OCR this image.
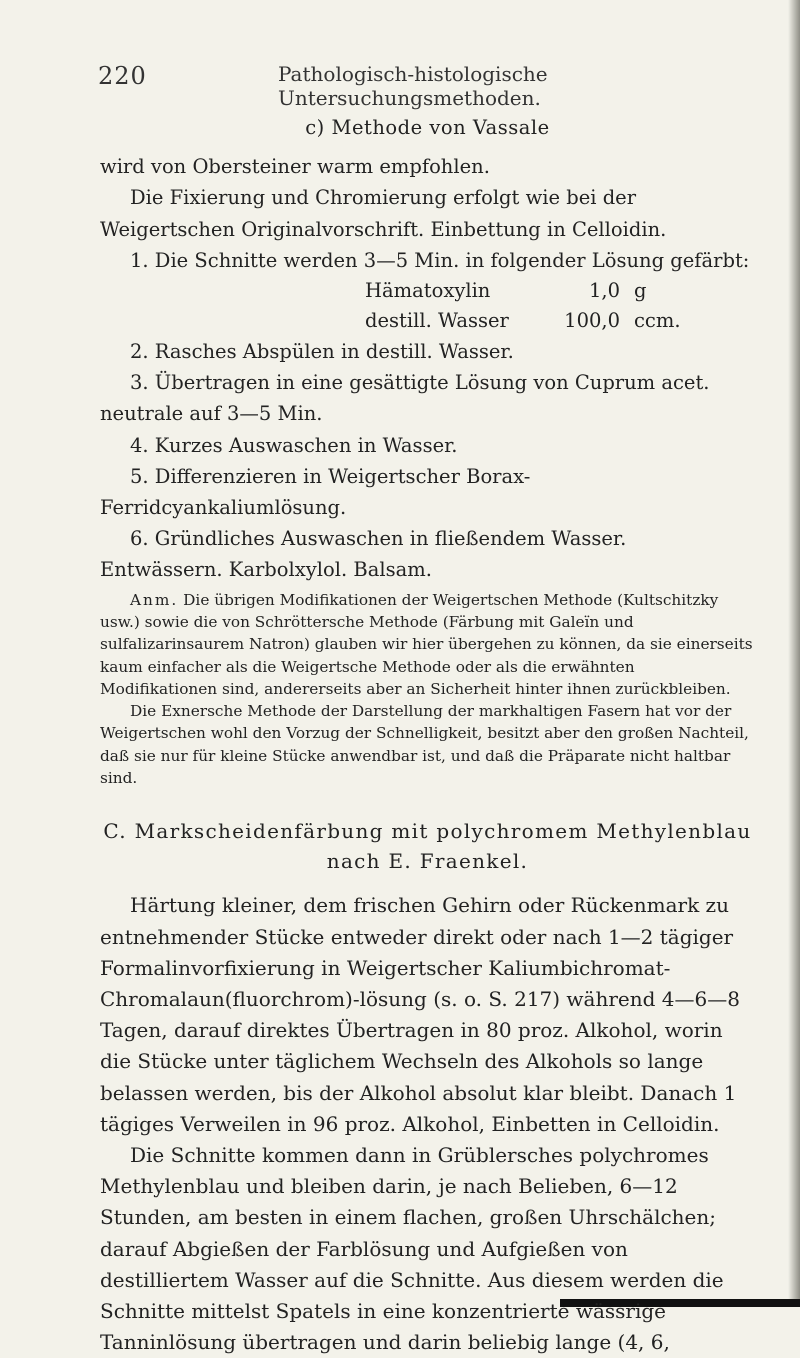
220	Pathologisch-histologische Untersuchungsmethoden.

c) Methode von Vassale

wird von Obersteiner warm empfohlen.

Die Fixierung und Chromierung erfolgt wie bei der Weigertschen Originalvorschrift. Einbettung in Celloidin.

1. Die Schnitte werden 3—5 Min. in folgender Lösung gefärbt:

Hämatoxylin	1,0 g
destill. Wasser	100,0 ccm.

2. Rasches Abspülen in destill. Wasser.

3. Übertragen in eine gesättigte Lösung von Cuprum acet. neutrale auf 3—5 Min.

4. Kurzes Auswaschen in Wasser.

5. Differenzieren in Weigertscher Borax-Ferridcyankaliumlösung.

6. Gründliches Auswaschen in fließendem Wasser. Entwässern. Karbolxylol. Balsam.

Anm. Die übrigen Modifikationen der Weigertschen Methode (Kultschitzky usw.) sowie die von Schröttersche Methode (Färbung mit Galeïn und sulfalizarinsaurem Natron) glauben wir hier übergehen zu können, da sie einerseits kaum einfacher als die Weigertsche Methode oder als die erwähnten Modifikationen sind, andererseits aber an Sicherheit hinter ihnen zurückbleiben.

Die Exnersche Methode der Darstellung der markhaltigen Fasern hat vor der Weigertschen wohl den Vorzug der Schnelligkeit, besitzt aber den großen Nachteil, daß sie nur für kleine Stücke anwendbar ist, und daß die Präparate nicht haltbar sind.

C. Markscheidenfärbung mit polychromem Methylenblau
nach E. Fraenkel.

Härtung kleiner, dem frischen Gehirn oder Rückenmark zu entnehmender Stücke entweder direkt oder nach 1—2 tägiger Formalinvorfixierung in Weigertscher Kaliumbichromat-Chromalaun(fluorchrom)-lösung (s. o. S. 217) während 4—6—8 Tagen, darauf direktes Übertragen in 80 proz. Alkohol, worin die Stücke unter täglichem Wechseln des Alkohols so lange belassen werden, bis der Alkohol absolut klar bleibt. Danach 1 tägiges Verweilen in 96 proz. Alkohol, Einbetten in Celloidin.

Die Schnitte kommen dann in Grüblersches polychromes Methylenblau und bleiben darin, je nach Belieben, 6—12 Stunden, am besten in einem flachen, großen Uhrschälchen; darauf Abgießen der Farblösung und Aufgießen von destilliertem Wasser auf die Schnitte. Aus diesem werden die Schnitte mittelst Spatels in eine konzentrierte wässrige Tanninlösung übertragen und darin beliebig lange (4, 6,
